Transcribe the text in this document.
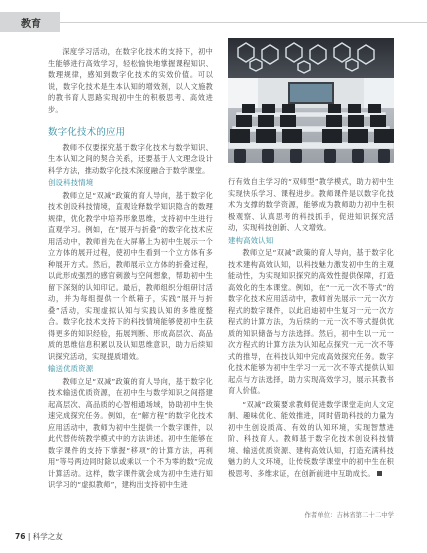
教育

深度学习活动，在数字化技术的支持下，初中生能够进行高效学习，轻松愉快地掌握课程知识、数理规律，感知到数字化技术的实效价值。可以说，数字化技术是生本认知的增效剂，以人文施教的教书育人思路实现初中生的积极思考、高效进步。

数字化技术的应用

教师不仅要探究基于数字化技术与数学知识、生本认知之间的契合关系，还要基于人文理念设计科学方法，推动数字化技术深度融合于数学课堂。

创设科技情境

教师立足“双减”政策的育人导向，基于数字化技术创设科技情境，直观诠释数学知识隐含的数理规律，优化教学中培养形象思维，支持初中生进行直观学习。例如，在“展开与折叠”的数字化技术应用活动中，教师首先在大屏幕上为初中生展示一个立方体的展开过程，使初中生看到一个立方体有多种展开方式。然后，教师展示立方体的折叠过程，以此形成强烈的感官刺激与空间想象，帮助初中生留下深刻的认知印记。最后，教师组织分组研讨活动，并为每组提供一个纸箱子，实践“展开与折叠”活动，实现虚拟认知与实践认知的多维度整合。数字化技术支持下的科技情境能够使初中生获得更多的知识经验，拓展判断、形成高层次、高品质的思维信息积累以及认知思维意识，助力后续知识探究活动，实现提质增效。

输送优质资源

教师立足“双减”政策的育人导向，基于数字化技术输送优质资源，在初中生与数学知识之间搭建起高层次、高品质的心智相通场域，协助初中生快速完成探究任务。例如，在“解方程”的数字化技术应用活动中，教师为初中生提供一个数字课件，以此代替传统教学模式中的方法讲述。初中生能够在数字课件的支持下掌握“移项”的计算方法，再利用“等号两边同时除以或乘以一个不为零的数”完成计算活动。这样，数字课件就会成为初中生进行知识学习的“虚拟教师”，建构出支持初中生进

行有效自主学习的“双师型”教学模式，助力初中生实现快乐学习、课程进步。教师课件是以数字化技术为支撑的数学资源，能够成为教师助力初中生积极观察、认真思考的科技抓手，促进知识探究活动，实现科技创新、人文增效。

建构高效认知

教师立足“双减”政策的育人导向，基于数字化技术建构高效认知，以科技魅力激发初中生的主观能动性，为实现知识探究的高效性提供保障，打造高效化的生本课堂。例如，在“一元一次不等式”的数字化技术应用活动中，教师首先展示一元一次方程式的数字课件，以此启迪初中生复习一元一次方程式的计算方法，为后续的一元一次不等式提供优质的知识储备与方法选择。然后，初中生以一元一次方程式的计算方法为认知起点探究一元一次不等式的推导，在科技认知中完成高效探究任务。数字化技术能够为初中生学习一元一次不等式提供认知起点与方法选择，助力实现高效学习，展示其教书育人价值。

“双减”政策要求教师促进数学课堂走向人文定制、趣味优化、能效推进，同时借助科技的力量为初中生创设质高、有效的认知环境，实现智慧进阶、科技育人。教师基于数字化技术创设科技情境、输送优质资源、建构高效认知，打造充满科技魅力的人文环境，让传统数学课堂中的初中生在积极思考、多维求证，在创新前进中互助成长。

作者单位：吉林省第二十二中学
76 | 科学之友
